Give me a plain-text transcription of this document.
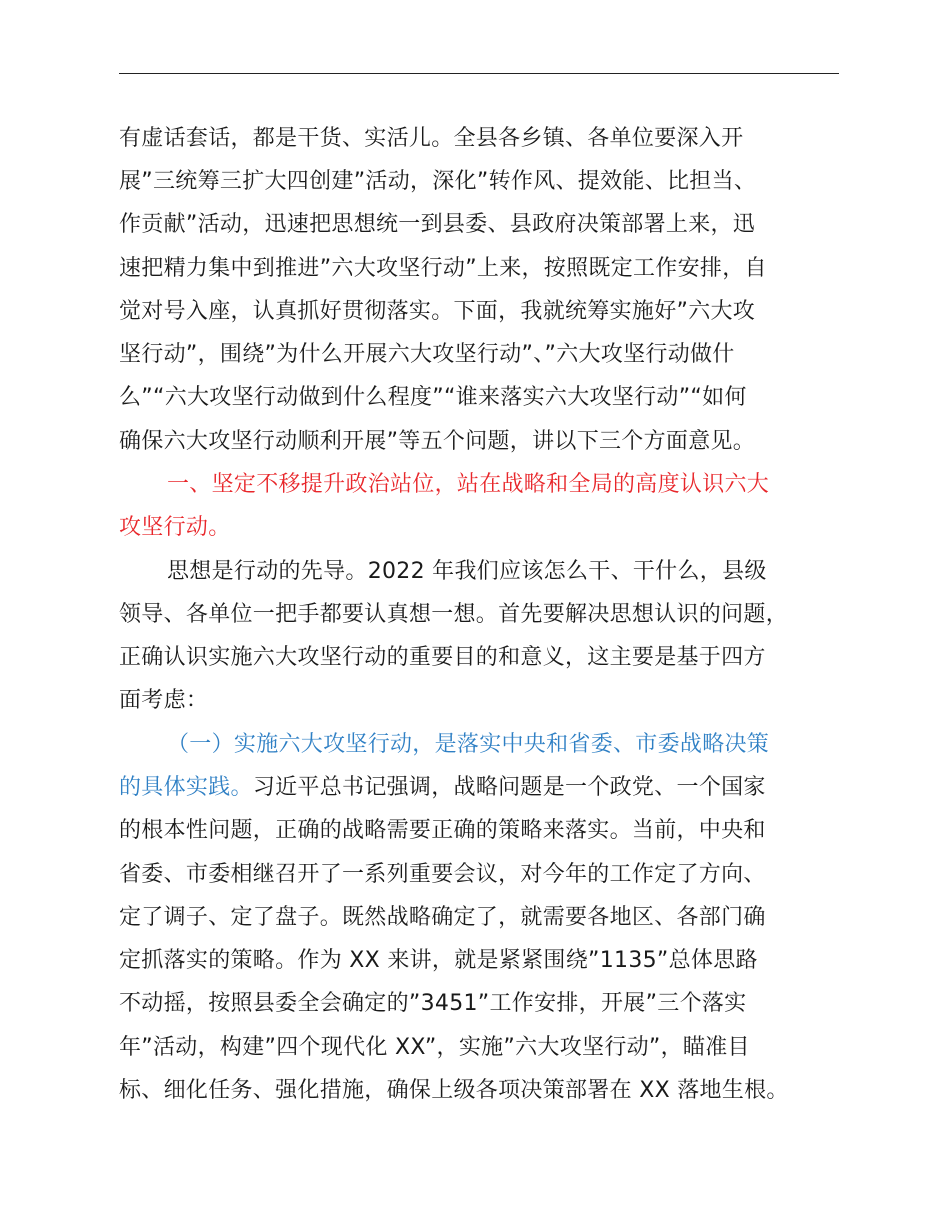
有虚话套话，都是干货、实活儿。全县各乡镇、各单位要深入开
展”三统筹三扩大四创建”活动，深化”转作风、提效能、比担当、
作贡献”活动，迅速把思想统一到县委、县政府决策部署上来，迅
速把精力集中到推进”六大攻坚行动”上来，按照既定工作安排，自
觉对号入座，认真抓好贯彻落实。下面，我就统筹实施好”六大攻
坚行动”，围绕”为什么开展六大攻坚行动”、”六大攻坚行动做什
么”“六大攻坚行动做到什么程度”“谁来落实六大攻坚行动”“如何
确保六大攻坚行动顺利开展”等五个问题，讲以下三个方面意见。
一、坚定不移提升政治站位，站在战略和全局的高度认识六大
攻坚行动。
思想是行动的先导。2022 年我们应该怎么干、干什么，县级
领导、各单位一把手都要认真想一想。首先要解决思想认识的问题，
正确认识实施六大攻坚行动的重要目的和意义，这主要是基于四方
面考虑：
（一）实施六大攻坚行动，是落实中央和省委、市委战略决策
的具体实践。习近平总书记强调，战略问题是一个政党、一个国家
的根本性问题，正确的战略需要正确的策略来落实。当前，中央和
省委、市委相继召开了一系列重要会议，对今年的工作定了方向、
定了调子、定了盘子。既然战略确定了，就需要各地区、各部门确
定抓落实的策略。作为 XX 来讲，就是紧紧围绕”1135”总体思路
不动摇，按照县委全会确定的”3451”工作安排，开展”三个落实
年”活动，构建”四个现代化 XX”，实施”六大攻坚行动”，瞄准目
标、细化任务、强化措施，确保上级各项决策部署在 XX 落地生根。
